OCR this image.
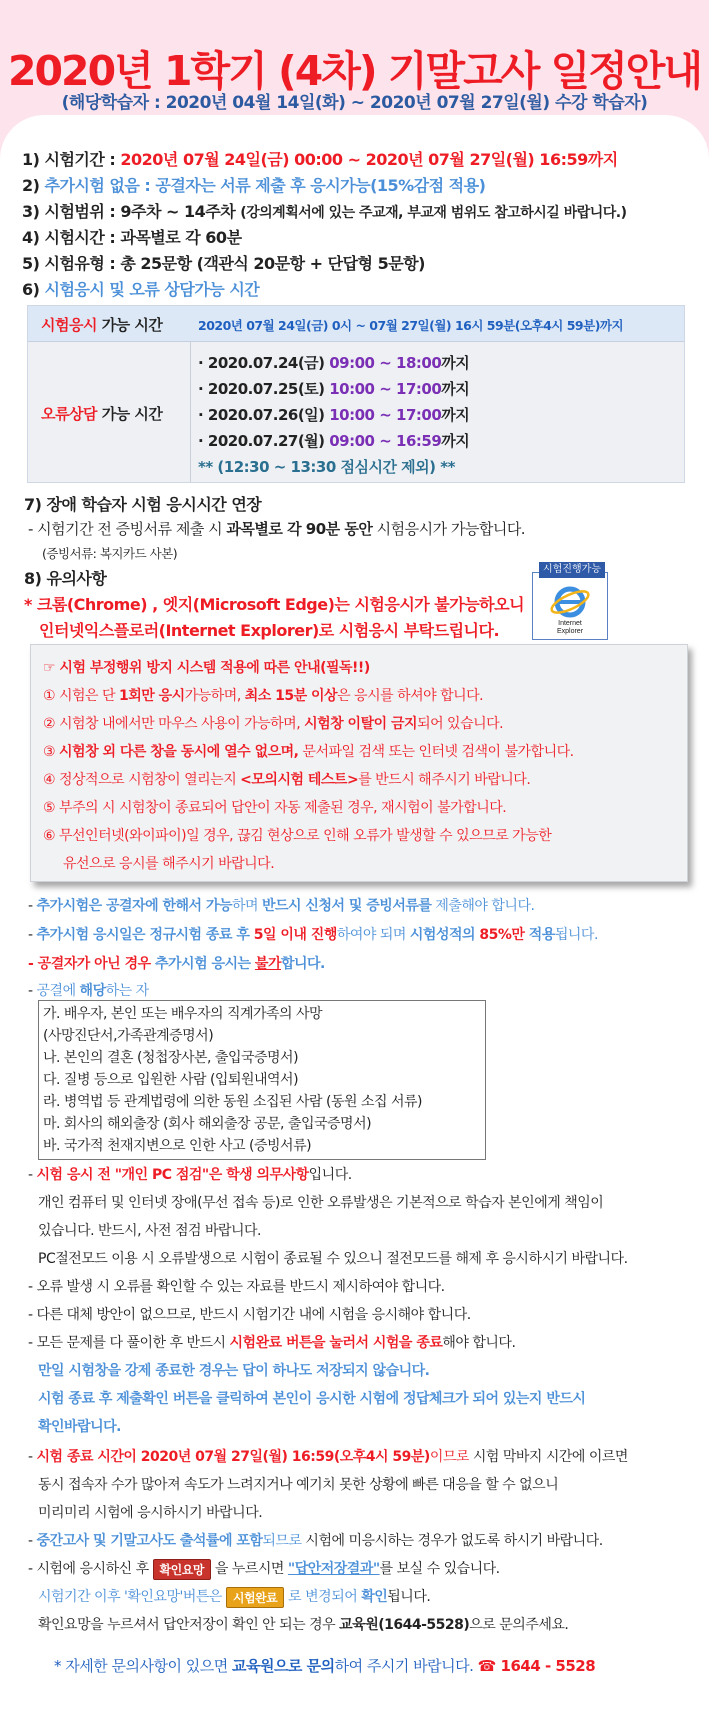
2020년 1학기 (4차) 기말고사 일정안내
(해당학습자 : 2020년 04월 14일(화) ~ 2020년 07월 27일(월) 수강 학습자)
1) 시험기간 : 2020년 07월 24일(금) 00:00 ~ 2020년 07월 27일(월) 16:59까지
2) 추가시험 없음 : 공결자는 서류 제출 후 응시가능(15%감점 적용)
3) 시험범위 : 9주차 ~ 14주차 (강의계획서에 있는 주교재, 부교재 범위도 참고하시길 바랍니다.)
4) 시험시간 : 과목별로 각 60분
5) 시험유형 : 총 25문항 (객관식 20문항 + 단답형 5문항)
6) 시험응시 및 오류 상담가능 시간
시험응시 가능 시간	2020년 07월 24일(금) 0시 ~ 07월 27일(월) 16시 59분(오후4시 59분)까지
오류상담 가능 시간
· 2020.07.24(금) 09:00 ~ 18:00까지
· 2020.07.25(토) 10:00 ~ 17:00까지
· 2020.07.26(일) 10:00 ~ 17:00까지
· 2020.07.27(월) 09:00 ~ 16:59까지
** (12:30 ~ 13:30 점심시간 제외) **
7) 장애 학습자 시험 응시시간 연장
- 시험기간 전 증빙서류 제출 시 과목별로 각 90분 동안 시험응시가 가능합니다.
(증빙서류: 복지카드 사본)
8) 유의사항
* 크롬(Chrome) , 엣지(Microsoft Edge)는 시험응시가 불가능하오니
인터넷익스플로러(Internet Explorer)로 시험응시 부탁드립니다.	Internet
Explorer
시험진행가능
☞ 시험 부정행위 방지 시스템 적용에 따른 안내(필독!!)
① 시험은 단 1회만 응시가능하며, 최소 15분 이상은 응시를 하셔야 합니다.
② 시험창 내에서만 마우스 사용이 가능하며, 시험창 이탈이 금지되어 있습니다.
③ 시험창 외 다른 창을 동시에 열수 없으며, 문서파일 검색 또는 인터넷 검색이 불가합니다.
④ 정상적으로 시험창이 열리는지 <모의시험 테스트>를 반드시 해주시기 바랍니다.
⑤ 부주의 시 시험창이 종료되어 답안이 자동 제출된 경우, 재시험이 불가합니다.
⑥ 무선인터넷(와이파이)일 경우, 끊김 현상으로 인해 오류가 발생할 수 있으므로 가능한
유선으로 응시를 해주시기 바랍니다.
- 추가시험은 공결자에 한해서 가능하며 반드시 신청서 및 증빙서류를 제출해야 합니다.
- 추가시험 응시일은 정규시험 종료 후 5일 이내 진행하여야 되며 시험성적의 85%만 적용됩니다.
- 공결자가 아닌 경우 추가시험 응시는 불가합니다.
- 공결에 해당하는 자
가. 배우자, 본인 또는 배우자의 직계가족의 사망
(사망진단서,가족관계증명서)
나. 본인의 결혼 (청첩장사본, 출입국증명서)
다. 질병 등으로 입원한 사람 (입퇴원내역서)
라. 병역법 등 관계법령에 의한 동원 소집된 사람 (동원 소집 서류)
마. 회사의 해외출장 (회사 해외출장 공문, 출입국증명서)
바. 국가적 천재지변으로 인한 사고 (증빙서류)
- 시험 응시 전 "개인 PC 점검"은 학생 의무사항입니다.
개인 컴퓨터 및 인터넷 장애(무선 접속 등)로 인한 오류발생은 기본적으로 학습자 본인에게 책임이
있습니다. 반드시, 사전 점검 바랍니다.
PC절전모드 이용 시 오류발생으로 시험이 종료될 수 있으니 절전모드를 해제 후 응시하시기 바랍니다.
- 오류 발생 시 오류를 확인할 수 있는 자료를 반드시 제시하여야 합니다.
- 다른 대체 방안이 없으므로, 반드시 시험기간 내에 시험을 응시해야 합니다.
- 모든 문제를 다 풀이한 후 반드시 시험완료 버튼을 눌러서 시험을 종료해야 합니다.
만일 시험창을 강제 종료한 경우는 답이 하나도 저장되지 않습니다.
시험 종료 후 제출확인 버튼을 클릭하여 본인이 응시한 시험에 정답체크가 되어 있는지 반드시
확인바랍니다.
- 시험 종료 시간이 2020년 07월 27일(월) 16:59(오후4시 59분)이므로 시험 막바지 시간에 이르면
동시 접속자 수가 많아져 속도가 느려지거나 예기치 못한 상황에 빠른 대응을 할 수 없으니
미리미리 시험에 응시하시기 바랍니다.
- 중간고사 및 기말고사도 출석률에 포함되므로 시험에 미응시하는 경우가 없도록 하시기 바랍니다.
- 시험에 응시하신 후 확인요망 을 누르시면 "답안저장결과"를 보실 수 있습니다.
시험기간 이후 '확인요망'버튼은 시험완료 로 변경되어 확인됩니다.
확인요망을 누르셔서 답안저장이 확인 안 되는 경우 교육원(1644-5528)으로 문의주세요.
* 자세한 문의사항이 있으면 교육원으로 문의하여 주시기 바랍니다. ☎ 1644 - 5528
